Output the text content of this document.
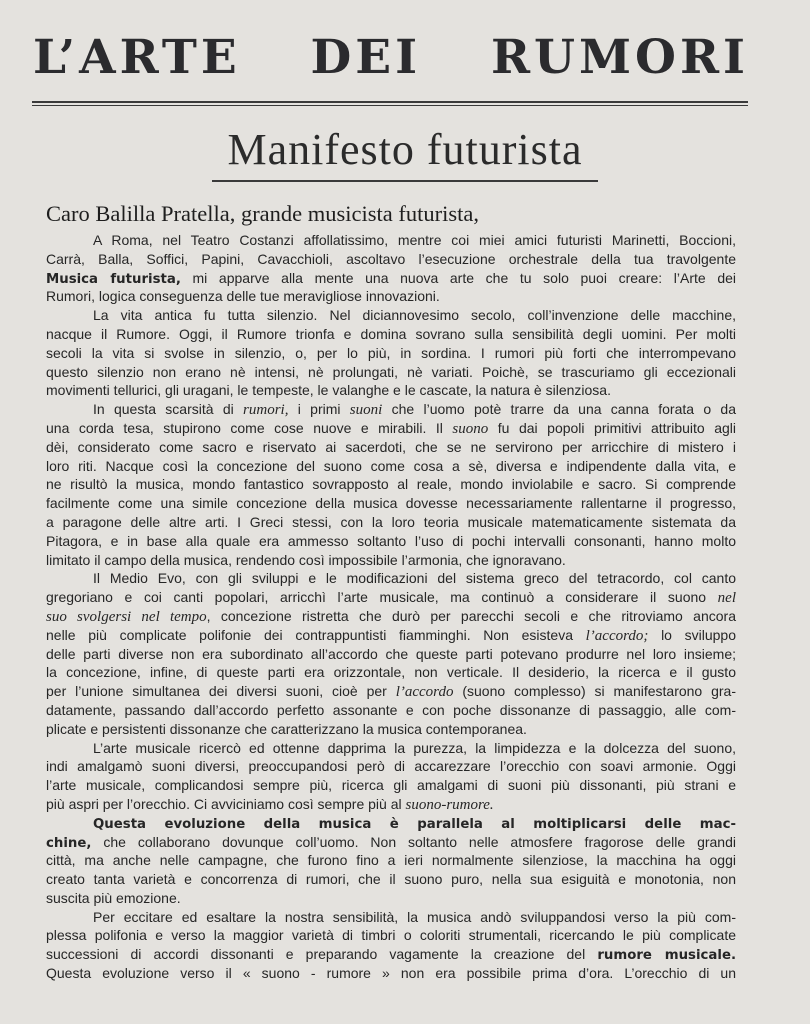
L’ARTE DEI RUMORI
Manifesto futurista
Caro Balilla Pratella, grande musicista futurista,
A Roma, nel Teatro Costanzi affollatissimo, mentre coi miei amici futuristi Marinetti, Boccioni,
Carrà, Balla, Soffici, Papini, Cavacchioli, ascoltavo l’esecuzione orchestrale della tua travolgente
Musica futurista, mi apparve alla mente una nuova arte che tu solo puoi creare: l’Arte dei
Rumori, logica conseguenza delle tue meravigliose innovazioni.
La vita antica fu tutta silenzio. Nel diciannovesimo secolo, coll’invenzione delle macchine,
nacque il Rumore. Oggi, il Rumore trionfa e domina sovrano sulla sensibilità degli uomini. Per molti
secoli la vita si svolse in silenzio, o, per lo più, in sordina. I rumori più forti che interrompevano
questo silenzio non erano nè intensi, nè prolungati, nè variati. Poichè, se trascuriamo gli eccezionali
movimenti tellurici, gli uragani, le tempeste, le valanghe e le cascate, la natura è silenziosa.
In questa scarsità di rumori, i primi suoni che l’uomo potè trarre da una canna forata o da
una corda tesa, stupirono come cose nuove e mirabili. Il suono fu dai popoli primitivi attribuito agli
dèi, considerato come sacro e riservato ai sacerdoti, che se ne servirono per arricchire di mistero i
loro riti. Nacque così la concezione del suono come cosa a sè, diversa e indipendente dalla vita, e
ne risultò la musica, mondo fantastico sovrapposto al reale, mondo inviolabile e sacro. Si comprende
facilmente come una simile concezione della musica dovesse necessariamente rallentarne il progresso,
a paragone delle altre arti. I Greci stessi, con la loro teoria musicale matematicamente sistemata da
Pitagora, e in base alla quale era ammesso soltanto l’uso di pochi intervalli consonanti, hanno molto
limitato il campo della musica, rendendo così impossibile l’armonia, che ignoravano.
Il Medio Evo, con gli sviluppi e le modificazioni del sistema greco del tetracordo, col canto
gregoriano e coi canti popolari, arricchì l’arte musicale, ma continuò a considerare il suono nel
suo svolgersi nel tempo, concezione ristretta che durò per parecchi secoli e che ritroviamo ancora
nelle più complicate polifonie dei contrappuntisti fiamminghi. Non esisteva l’accordo; lo sviluppo
delle parti diverse non era subordinato all’accordo che queste parti potevano produrre nel loro insieme;
la concezione, infine, di queste parti era orizzontale, non verticale. Il desiderio, la ricerca e il gusto
per l’unione simultanea dei diversi suoni, cioè per l’accordo (suono complesso) si manifestarono gra-
datamente, passando dall’accordo perfetto assonante e con poche dissonanze di passaggio, alle com-
plicate e persistenti dissonanze che caratterizzano la musica contemporanea.
L’arte musicale ricercò ed ottenne dapprima la purezza, la limpidezza e la dolcezza del suono,
indi amalgamò suoni diversi, preoccupandosi però di accarezzare l’orecchio con soavi armonie. Oggi
l’arte musicale, complicandosi sempre più, ricerca gli amalgami di suoni più dissonanti, più strani e
più aspri per l’orecchio. Ci avviciniamo così sempre più al suono-rumore.
Questa evoluzione della musica è parallela al moltiplicarsi delle mac-
chine, che collaborano dovunque coll’uomo. Non soltanto nelle atmosfere fragorose delle grandi
città, ma anche nelle campagne, che furono fino a ieri normalmente silenziose, la macchina ha oggi
creato tanta varietà e concorrenza di rumori, che il suono puro, nella sua esiguità e monotonia, non
suscita più emozione.
Per eccitare ed esaltare la nostra sensibilità, la musica andò sviluppandosi verso la più com-
plessa polifonia e verso la maggior varietà di timbri o coloriti strumentali, ricercando le più complicate
successioni di accordi dissonanti e preparando vagamente la creazione del rumore musicale.
Questa evoluzione verso il « suono - rumore » non era possibile prima d’ora. L’orecchio di un
